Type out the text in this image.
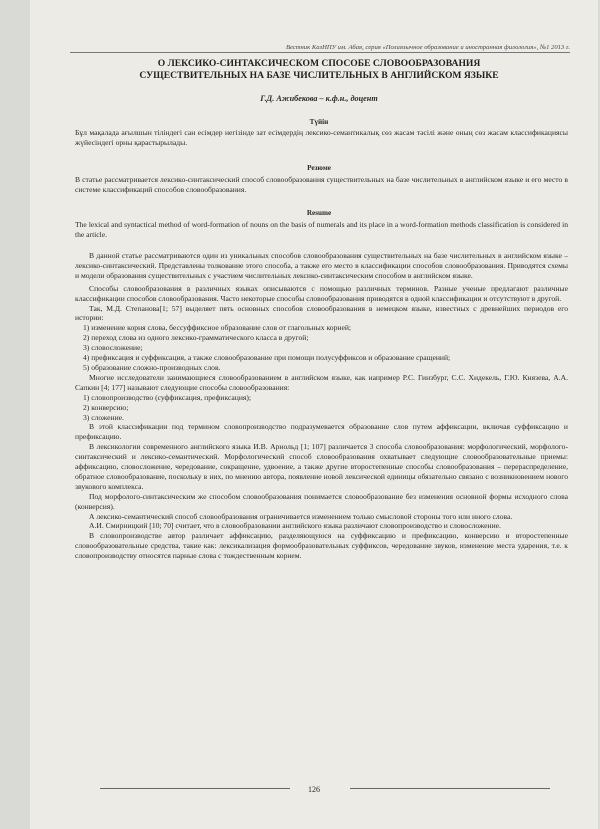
Вестник КазНПУ им. Абая, серия «Полиязычное образование и иностранная филология», №1 2013 г.
О ЛЕКСИКО-СИНТАКСИЧЕСКОМ СПОСОБЕ СЛОВООБРАЗОВАНИЯ
СУЩЕСТВИТЕЛЬНЫХ НА БАЗЕ ЧИСЛИТЕЛЬНЫХ В АНГЛИЙСКОМ ЯЗЫКЕ
Г.Д. Ажибекова – к.ф.н., доцент
Түйін

Бұл мақалада ағылшын тіліндегі сан есімдер негізінде зат есімдердің лексико-семантикалық сөз жасам тәсілі және оның сөз жасам классификациясы жүйесіндегі орны қарастырылады.

Резюме

В статье рассматривается лексико-синтаксический способ словообразования существительных на базе числительных в английском языке и его место в системе классификаций способов словообразования.

Resume

The lexical and syntactical method of word-formation of nouns on the basis of numerals and its place in a word-formation methods classification is considered in the article.

В данной статье рассматриваются один из уникальных способов словообразования существительных на базе числительных в английском языке – лексико-синтаксический. Представлены толкование этого способа, а также его место в классификации способов словообразования. Приводятся схемы и модели образования существительных с участием числительных лексико-синтаксическим способом в английском языке.

Способы словообразования в различных языках описываются с помощью различных терминов. Разные ученые предлагают различные классификации способов словообразования. Часто некоторые способы словообразования приводятся в одной классификации и отсутствуют в другой.

Так, М.Д. Степанова[1; 57] выделяет пять основных способов словообразования в немецком языке, известных с древнейших периодов его истории:

1) изменение корня слова, бессуффиксное образование слов от глагольных корней;

2) переход слова из одного лексико-грамматического класса в другой;

3) словосложение;

4) префиксация и суффиксация, а также словообразование при помощи полусуффиксов и образование сращений;

5) образование сложно-производных слов.

Многие исследователи занимающиеся словообразованием в английском языке, как например Р.С. Гинзбург, С.С. Хидекель, Г.Ю. Князева, А.А. Сапкин [4; 177] называют следующие способы словообразования:

1) словопроизводство (суффиксация, префиксация);

2) конверсию;

3) сложение.

В этой классификации под термином словопроизводство подразумевается образование слов путем аффиксации, включая суффиксацию и префиксацию.

В лексикологии современного английского языка И.В. Арнольд [1; 107] различается 3 способа словообразования: морфологический, морфолого-синтаксический и лексико-семантический. Морфологический способ словообразования охватывает следующие словообразовательные приемы: аффиксацию, словосложение, чередование, сокращение, удвоение, а также другие второстепенные способы словообразования – перераспределение, обратное словообразование, поскольку в них, по мнению автора, появление новой лексической единицы обязательно связано с возникновением нового звукового комплекса.

Под морфолого-синтаксическим же способом словообразования понимается словообразование без изменения основной формы исходного слова (конверсия).

А лексико-семантический способ словообразования ограничивается изменением только смысловой стороны того или иного слова.

А.И. Смирницкий [10; 70] считает, что в словообразовании английского языка различают словопроизводство и словосложение.

В словопроизводстве автор различает аффиксацию, разделяющуюся на суффиксацию и префиксацию, конверсию и второстепенные словообразовательные средства, такие как: лексикализация формообразовательных суффиксов, чередование звуков, изменение места ударения, т.е. к словопроизводству относятся парные слова с тождественным корнем.

126
